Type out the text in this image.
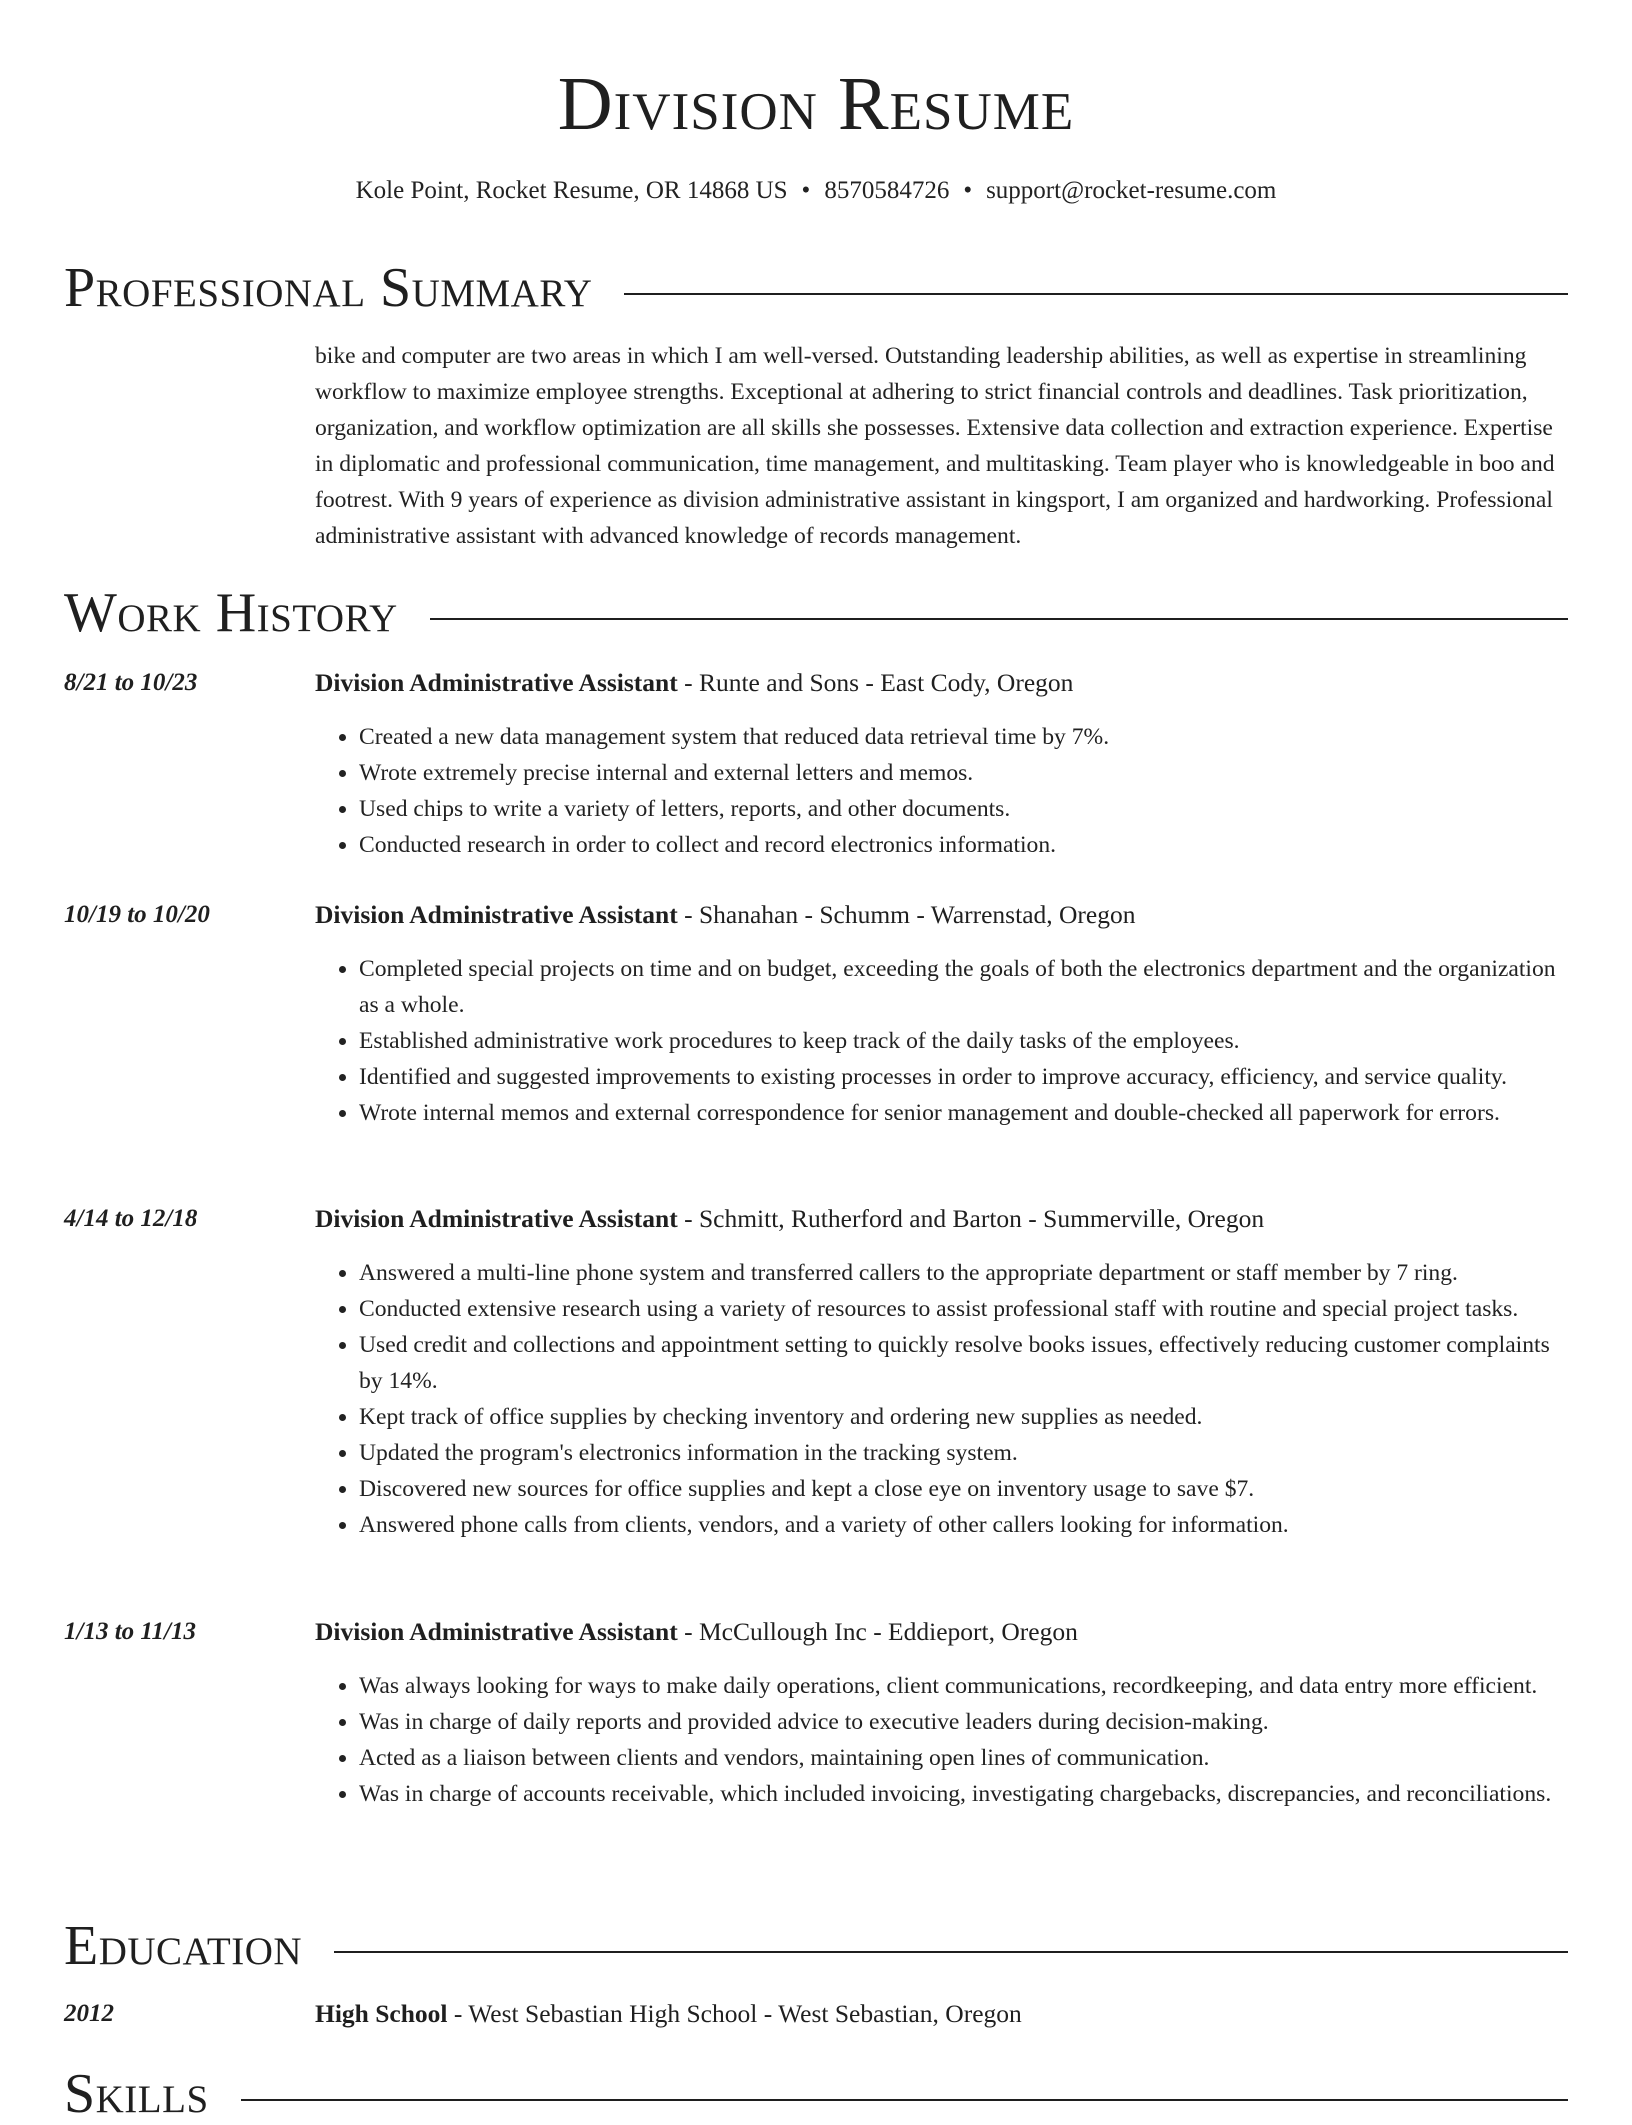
Division Resume
Kole Point, Rocket Resume, OR 14868 US • 8570584726 • support@rocket-resume.com
Professional Summary
bike and computer are two areas in which I am well-versed. Outstanding leadership abilities, as well as expertise in streamlining workflow to maximize employee strengths. Exceptional at adhering to strict financial controls and deadlines. Task prioritization, organization, and workflow optimization are all skills she possesses. Extensive data collection and extraction experience. Expertise in diplomatic and professional communication, time management, and multitasking. Team player who is knowledgeable in boo and footrest. With 9 years of experience as division administrative assistant in kingsport, I am organized and hardworking. Professional administrative assistant with advanced knowledge of records management.
Work History
8/21 to 10/23	Division Administrative Assistant - Runte and Sons - East Cody, Oregon
• Created a new data management system that reduced data retrieval time by 7%.
• Wrote extremely precise internal and external letters and memos.
• Used chips to write a variety of letters, reports, and other documents.
• Conducted research in order to collect and record electronics information.
10/19 to 10/20	Division Administrative Assistant - Shanahan - Schumm - Warrenstad, Oregon
• Completed special projects on time and on budget, exceeding the goals of both the electronics department and the organization as a whole.
• Established administrative work procedures to keep track of the daily tasks of the employees.
• Identified and suggested improvements to existing processes in order to improve accuracy, efficiency, and service quality.
• Wrote internal memos and external correspondence for senior management and double-checked all paperwork for errors.
4/14 to 12/18	Division Administrative Assistant - Schmitt, Rutherford and Barton - Summerville, Oregon
• Answered a multi-line phone system and transferred callers to the appropriate department or staff member by 7 ring.
• Conducted extensive research using a variety of resources to assist professional staff with routine and special project tasks.
• Used credit and collections and appointment setting to quickly resolve books issues, effectively reducing customer complaints by 14%.
• Kept track of office supplies by checking inventory and ordering new supplies as needed.
• Updated the program's electronics information in the tracking system.
• Discovered new sources for office supplies and kept a close eye on inventory usage to save $7.
• Answered phone calls from clients, vendors, and a variety of other callers looking for information.
1/13 to 11/13	Division Administrative Assistant - McCullough Inc - Eddieport, Oregon
• Was always looking for ways to make daily operations, client communications, recordkeeping, and data entry more efficient.
• Was in charge of daily reports and provided advice to executive leaders during decision-making.
• Acted as a liaison between clients and vendors, maintaining open lines of communication.
• Was in charge of accounts receivable, which included invoicing, investigating chargebacks, discrepancies, and reconciliations.
Education
2012	High School - West Sebastian High School - West Sebastian, Oregon
Skills
